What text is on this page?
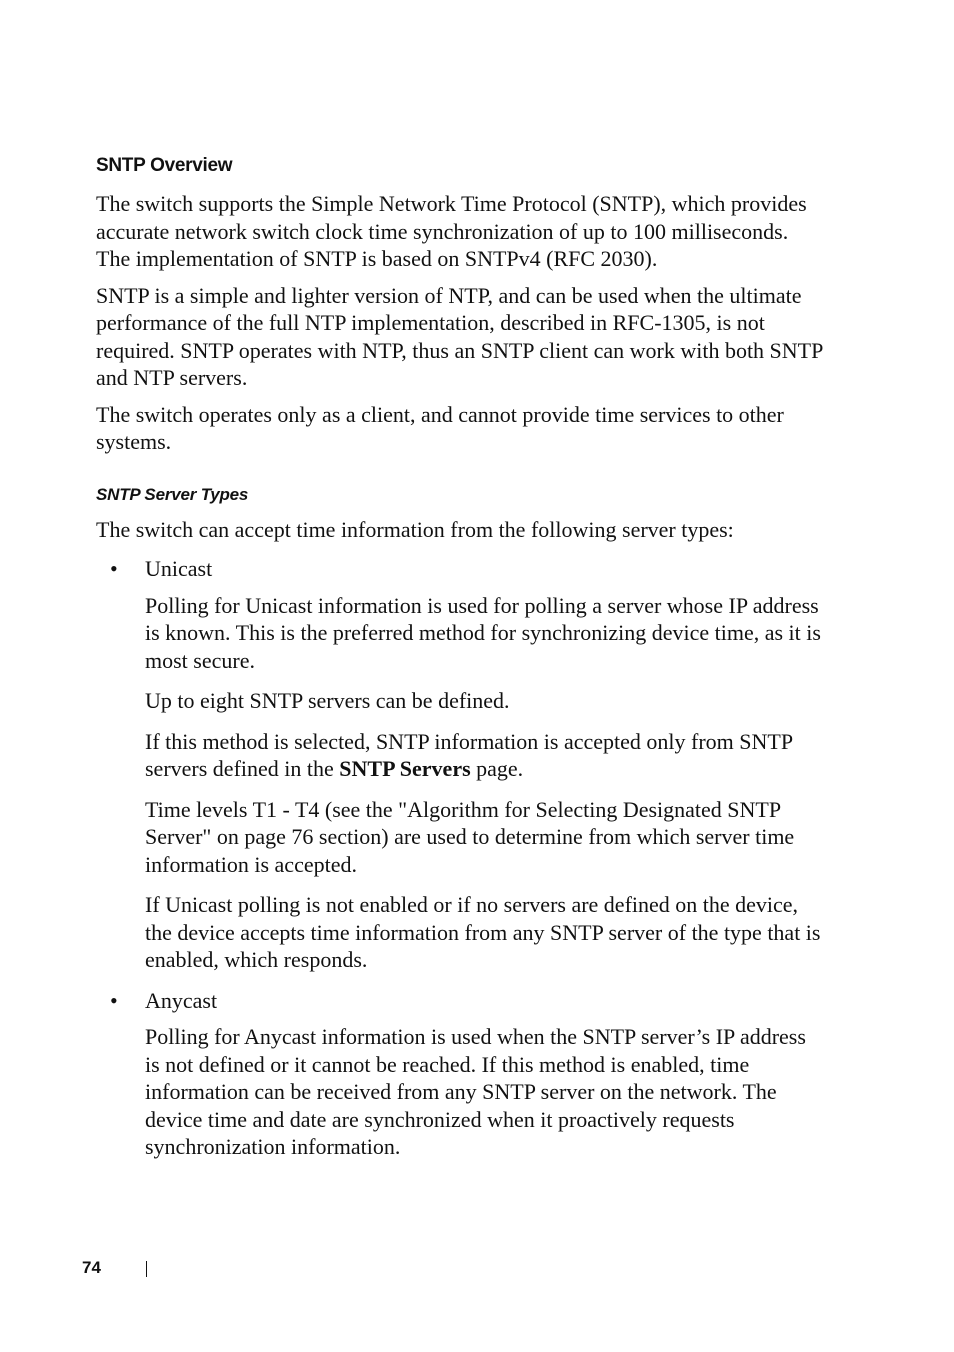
SNTP Overview

The switch supports the Simple Network Time Protocol (SNTP), which provides accurate network switch clock time synchronization of up to 100 milliseconds. The implementation of SNTP is based on SNTPv4 (RFC 2030).

SNTP is a simple and lighter version of NTP, and can be used when the ultimate performance of the full NTP implementation, described in RFC-1305, is not required. SNTP operates with NTP, thus an SNTP client can work with both SNTP and NTP servers.

The switch operates only as a client, and cannot provide time services to other systems.

SNTP Server Types

The switch can accept time information from the following server types:

• Unicast

Polling for Unicast information is used for polling a server whose IP address is known. This is the preferred method for synchronizing device time, as it is most secure.

Up to eight SNTP servers can be defined.

If this method is selected, SNTP information is accepted only from SNTP servers defined in the SNTP Servers page.

Time levels T1 - T4 (see the "Algorithm for Selecting Designated SNTP Server" on page 76 section) are used to determine from which server time information is accepted.

If Unicast polling is not enabled or if no servers are defined on the device, the device accepts time information from any SNTP server of the type that is enabled, which responds.

• Anycast

Polling for Anycast information is used when the SNTP server’s IP address is not defined or it cannot be reached. If this method is enabled, time information can be received from any SNTP server on the network. The device time and date are synchronized when it proactively requests synchronization information.

74
